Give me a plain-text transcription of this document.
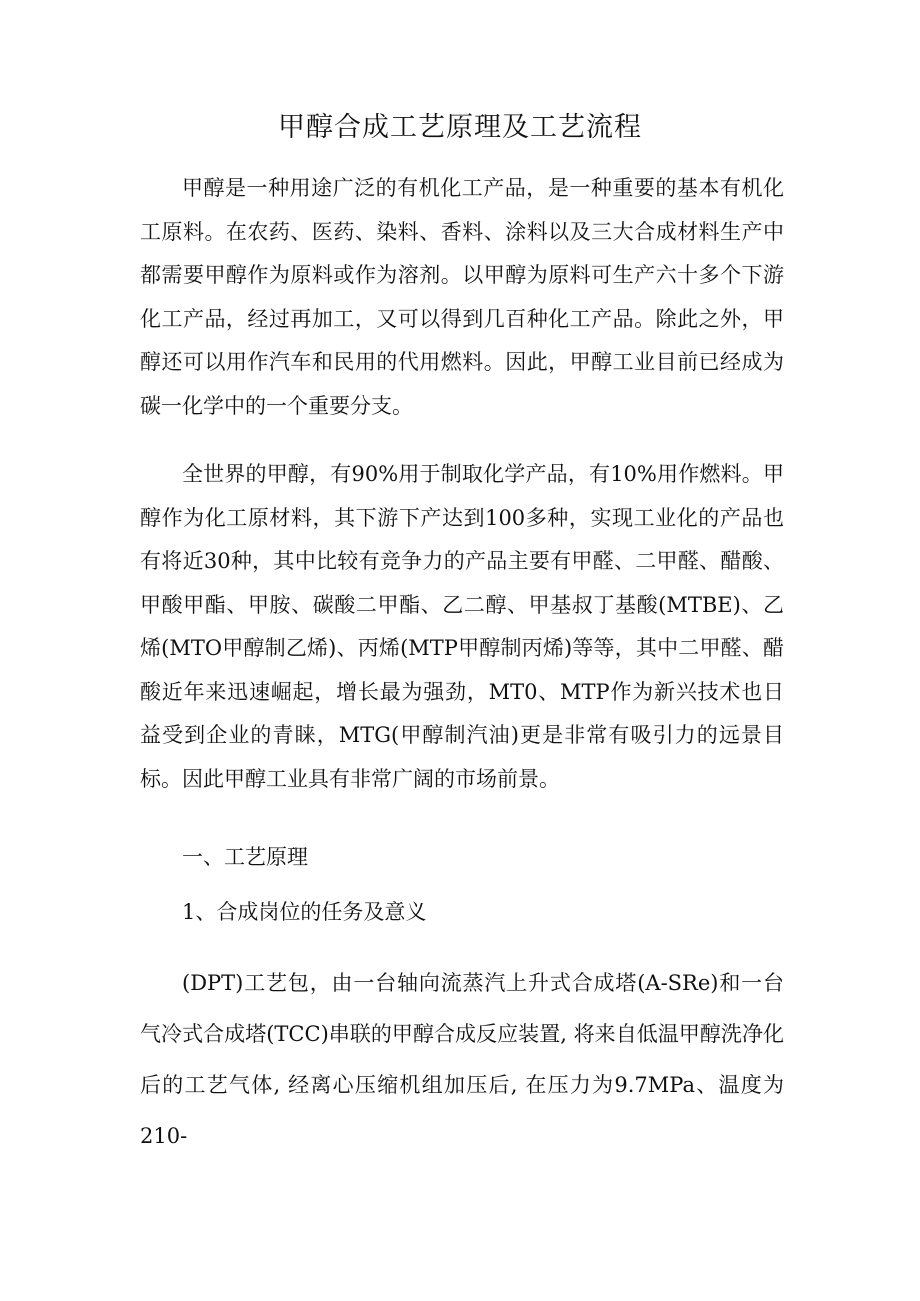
甲醇合成工艺原理及工艺流程

甲醇是一种用途广泛的有机化工产品，是一种重要的基本有机化工原料。在农药、医药、染料、香料、涂料以及三大合成材料生产中都需要甲醇作为原料或作为溶剂。以甲醇为原料可生产六十多个下游化工产品，经过再加工，又可以得到几百种化工产品。除此之外，甲醇还可以用作汽车和民用的代用燃料。因此，甲醇工业目前已经成为碳一化学中的一个重要分支。

全世界的甲醇，有90%用于制取化学产品，有10%用作燃料。甲醇作为化工原材料，其下游下产达到100多种，实现工业化的产品也有将近30种，其中比较有竞争力的产品主要有甲醛、二甲醛、醋酸、甲酸甲酯、甲胺、碳酸二甲酯、乙二醇、甲基叔丁基酸(MTBE)、乙烯(MTO甲醇制乙烯)、丙烯(MTP甲醇制丙烯)等等，其中二甲醛、醋酸近年来迅速崛起，增长最为强劲，MT0、MTP作为新兴技术也日益受到企业的青睐，MTG(甲醇制汽油)更是非常有吸引力的远景目标。因此甲醇工业具有非常广阔的市场前景。

一、工艺原理
1、合成岗位的任务及意义

(DPT)工艺包，由一台轴向流蒸汽上升式合成塔(A-SRe)和一台气冷式合成塔(TCC)串联的甲醇合成反应装置, 将来自低温甲醇洗净化后的工艺气体, 经离心压缩机组加压后, 在压力为9.7MPa、温度为210-
